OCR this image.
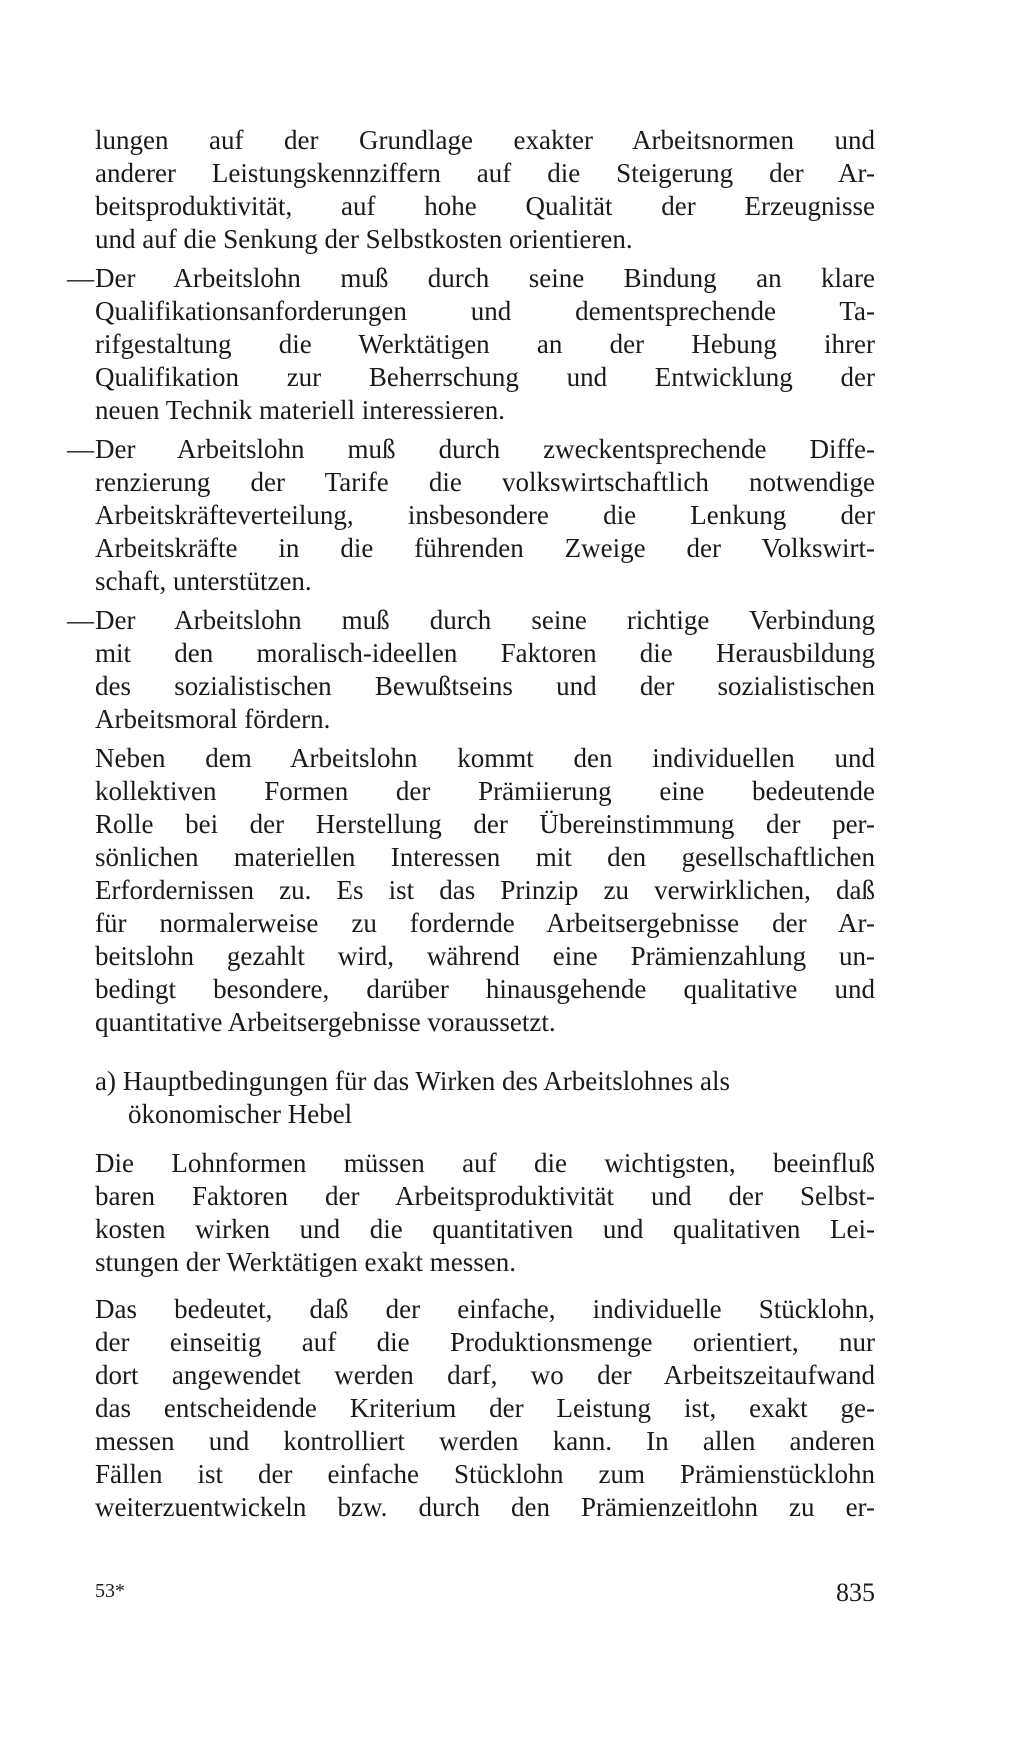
lungen auf der Grundlage exakter Arbeitsnormen und
anderer Leistungskennziffern auf die Steigerung der Ar-
beitsproduktivität, auf hohe Qualität der Erzeugnisse
und auf die Senkung der Selbstkosten orientieren.
—Der Arbeitslohn muß durch seine Bindung an klare
Qualifikationsanforderungen und dementsprechende Ta-
rifgestaltung die Werktätigen an der Hebung ihrer
Qualifikation zur Beherrschung und Entwicklung der
neuen Technik materiell interessieren.
—Der Arbeitslohn muß durch zweckentsprechende Diffe-
renzierung der Tarife die volkswirtschaftlich notwendige
Arbeitskräfteverteilung, insbesondere die Lenkung der
Arbeitskräfte in die führenden Zweige der Volkswirt-
schaft, unterstützen.
—Der Arbeitslohn muß durch seine richtige Verbindung
mit den moralisch-ideellen Faktoren die Herausbildung
des sozialistischen Bewußtseins und der sozialistischen
Arbeitsmoral fördern.
Neben dem Arbeitslohn kommt den individuellen und
kollektiven Formen der Prämiierung eine bedeutende
Rolle bei der Herstellung der Übereinstimmung der per-
sönlichen materiellen Interessen mit den gesellschaftlichen
Erfordernissen zu. Es ist das Prinzip zu verwirklichen, daß
für normalerweise zu fordernde Arbeitsergebnisse der Ar-
beitslohn gezahlt wird, während eine Prämienzahlung un-
bedingt besondere, darüber hinausgehende qualitative und
quantitative Arbeitsergebnisse voraussetzt.
a) Hauptbedingungen für das Wirken des Arbeitslohnes als
ökonomischer Hebel
Die Lohnformen müssen auf die wichtigsten, beeinfluß
baren Faktoren der Arbeitsproduktivität und der Selbst-
kosten wirken und die quantitativen und qualitativen Lei-
stungen der Werktätigen exakt messen.
Das bedeutet, daß der einfache, individuelle Stücklohn,
der einseitig auf die Produktionsmenge orientiert, nur
dort angewendet werden darf, wo der Arbeitszeitaufwand
das entscheidende Kriterium der Leistung ist, exakt ge-
messen und kontrolliert werden kann. In allen anderen
Fällen ist der einfache Stücklohn zum Prämienstücklohn
weiterzuentwickeln bzw. durch den Prämienzeitlohn zu er-
53*	835
